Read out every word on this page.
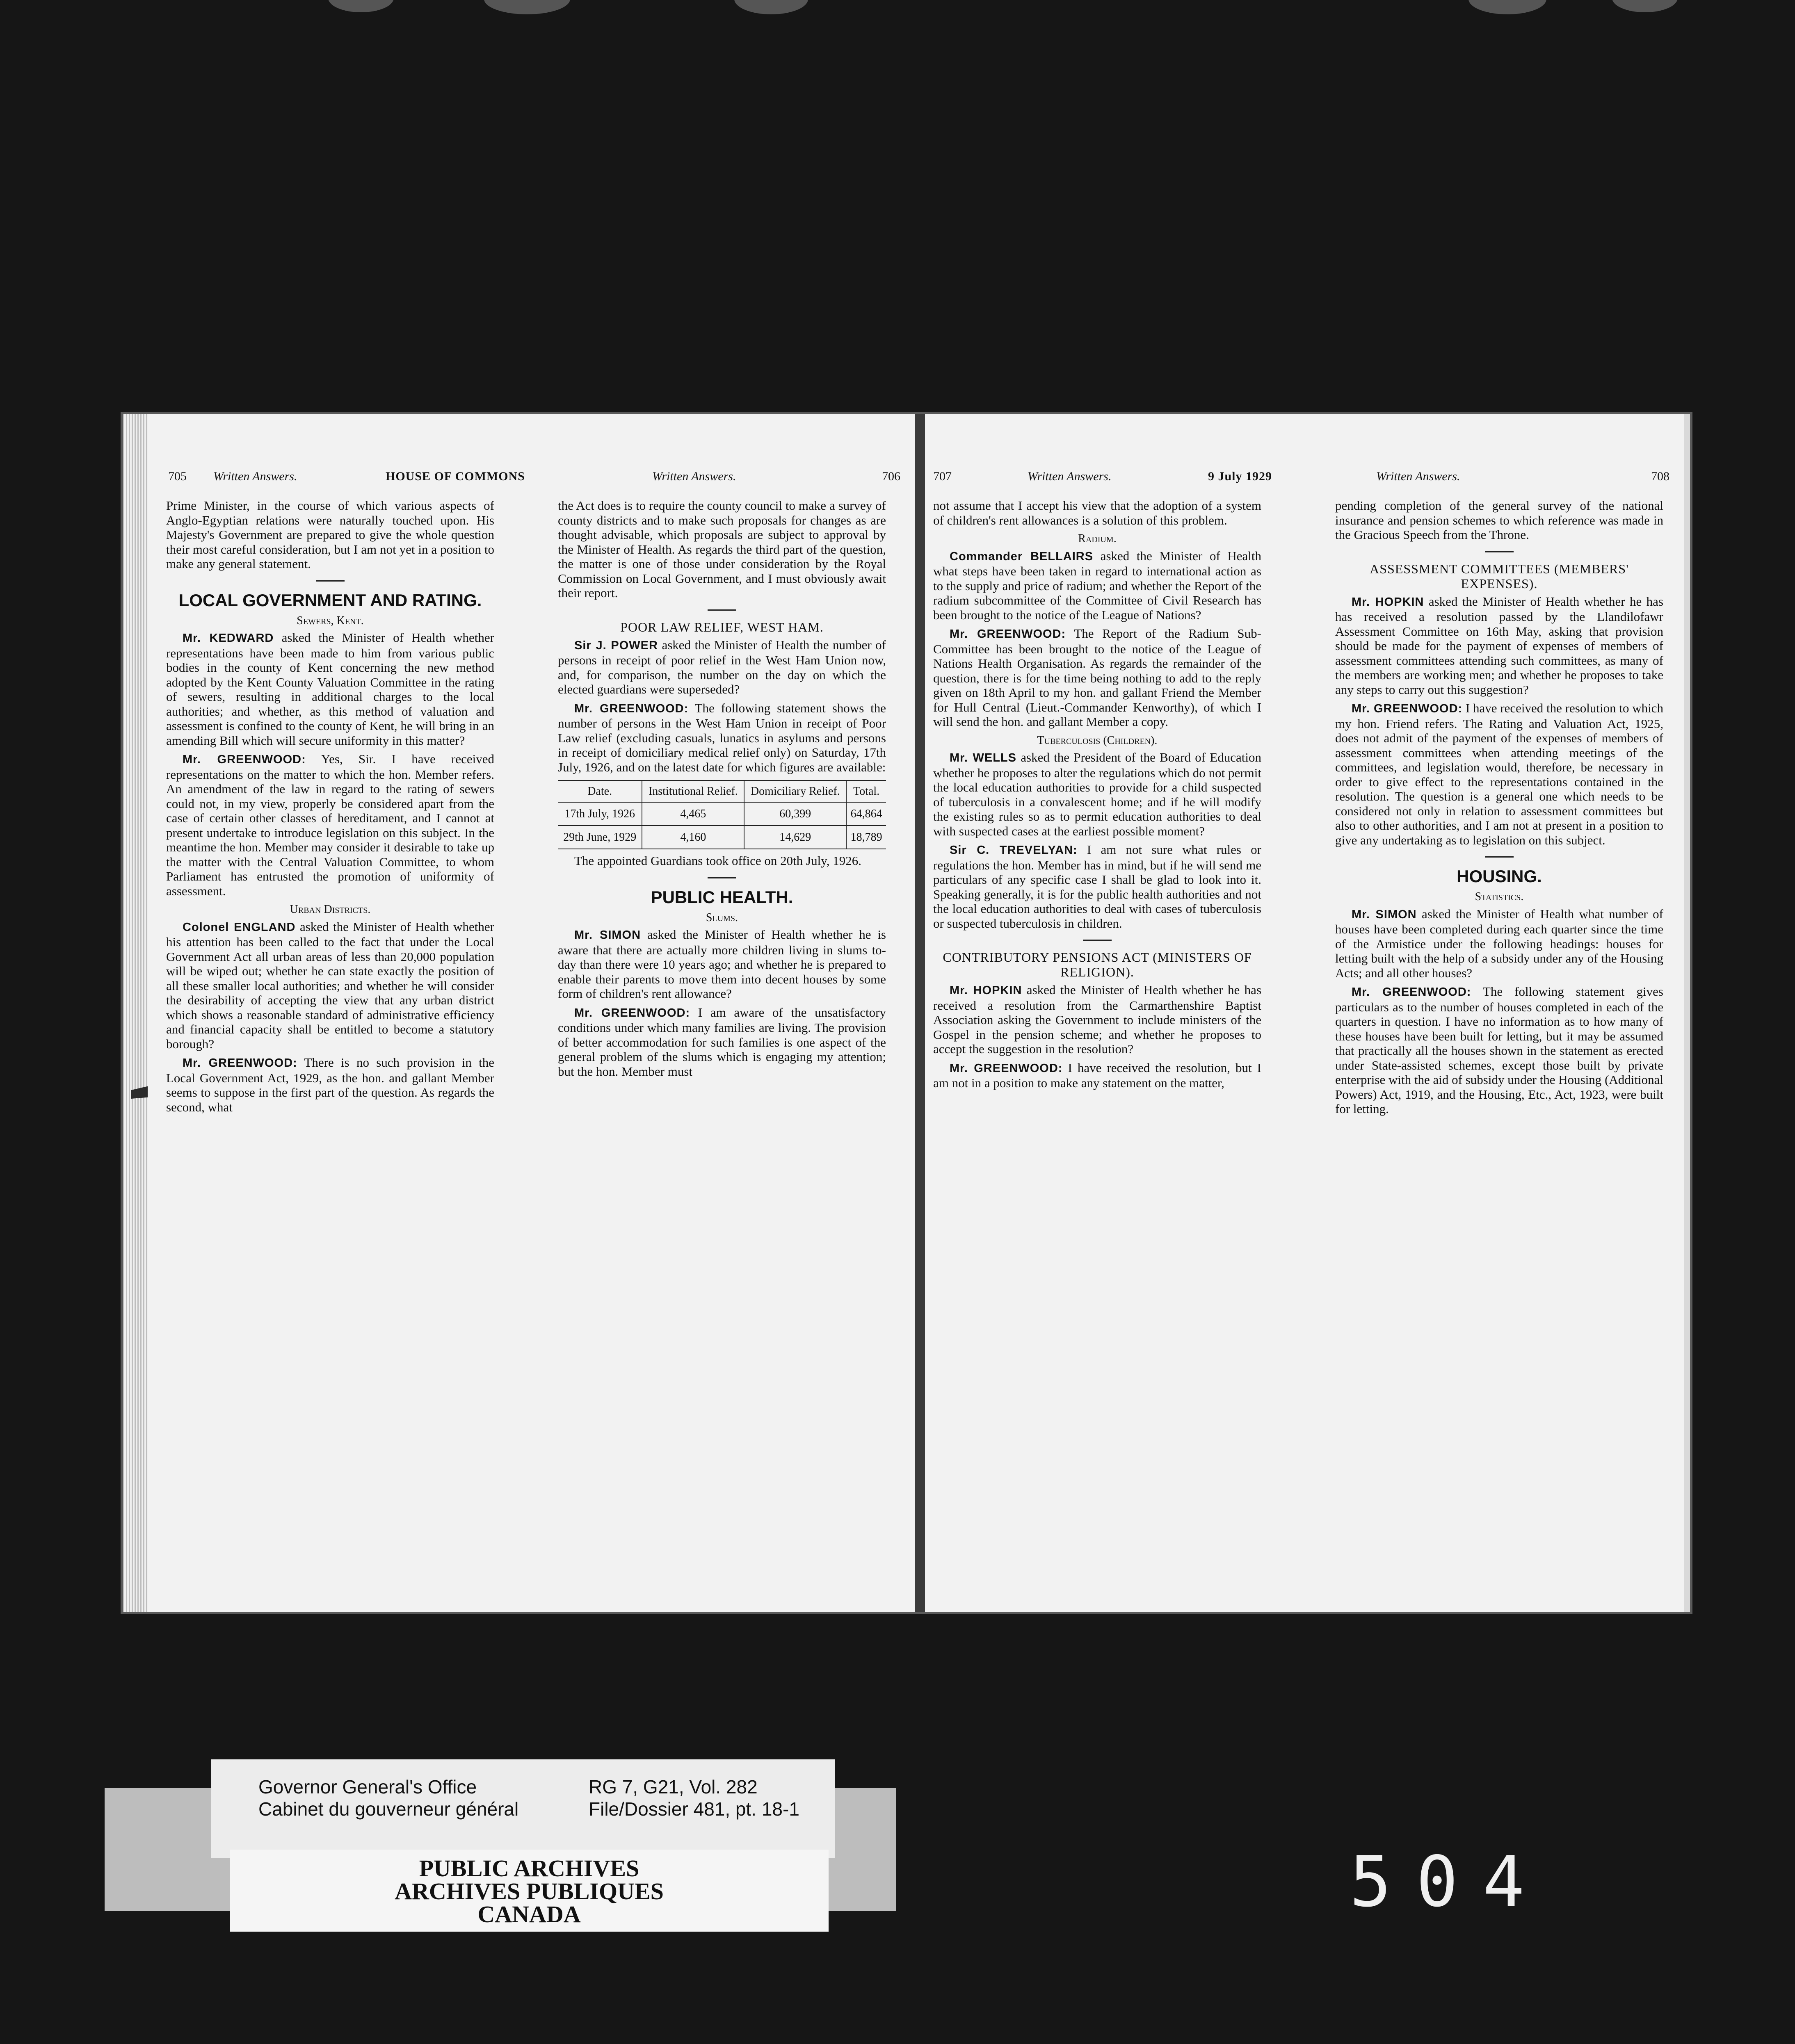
705 Written Answers.	HOUSE OF COMMONS	Written Answers.	706

Prime Minister, in the course of which various aspects of Anglo-Egyptian relations were naturally touched upon. His Majesty's Government are prepared to give the whole question their most careful consideration, but I am not yet in a position to make any general statement.

LOCAL GOVERNMENT AND RATING.
Sewers, Kent.

Mr. KEDWARD asked the Minister of Health whether representations have been made to him from various public bodies in the county of Kent concerning the new method adopted by the Kent County Valuation Committee in the rating of sewers, resulting in additional charges to the local authorities; and whether, as this method of valuation and assessment is confined to the county of Kent, he will bring in an amending Bill which will secure uniformity in this matter?

Mr. GREENWOOD: Yes, Sir. I have received representations on the matter to which the hon. Member refers. An amendment of the law in regard to the rating of sewers could not, in my view, properly be considered apart from the case of certain other classes of hereditament, and I cannot at present undertake to introduce legislation on this subject. In the meantime the hon. Member may consider it desirable to take up the matter with the Central Valuation Committee, to whom Parliament has entrusted the promotion of uniformity of assessment.

Urban Districts.

Colonel ENGLAND asked the Minister of Health whether his attention has been called to the fact that under the Local Government Act all urban areas of less than 20,000 population will be wiped out; whether he can state exactly the position of all these smaller local authorities; and whether he will consider the desirability of accepting the view that any urban district which shows a reasonable standard of administrative efficiency and financial capacity shall be entitled to become a statutory borough?

Mr. GREENWOOD: There is no such provision in the Local Government Act, 1929, as the hon. and gallant Member seems to suppose in the first part of the question. As regards the second, what

the Act does is to require the county council to make a survey of county districts and to make such proposals for changes as are thought advisable, which proposals are subject to approval by the Minister of Health. As regards the third part of the question, the matter is one of those under consideration by the Royal Commission on Local Government, and I must obviously await their report.

POOR LAW RELIEF, WEST HAM.

Sir J. POWER asked the Minister of Health the number of persons in receipt of poor relief in the West Ham Union now, and, for comparison, the number on the day on which the elected guardians were superseded?

Mr. GREENWOOD: The following statement shows the number of persons in the West Ham Union in receipt of Poor Law relief (excluding casuals, lunatics in asylums and persons in receipt of domiciliary medical relief only) on Saturday, 17th July, 1926, and on the latest date for which figures are available:

Date.	Institutional Relief.	Domiciliary Relief.	Total.
17th July, 1926	4,465	60,399	64,864
29th June, 1929	4,160	14,629	18,789

The appointed Guardians took office on 20th July, 1926.

PUBLIC HEALTH.
Slums.

Mr. SIMON asked the Minister of Health whether he is aware that there are actually more children living in slums to-day than there were 10 years ago; and whether he is prepared to enable their parents to move them into decent houses by some form of children's rent allowance?

Mr. GREENWOOD: I am aware of the unsatisfactory conditions under which many families are living. The provision of better accommodation for such families is one aspect of the general problem of the slums which is engaging my attention; but the hon. Member must

707	Written Answers.	9 July 1929	Written Answers.	708

not assume that I accept his view that the adoption of a system of children's rent allowances is a solution of this problem.

Radium.

Commander BELLAIRS asked the Minister of Health what steps have been taken in regard to international action as to the supply and price of radium; and whether the Report of the radium subcommittee of the Committee of Civil Research has been brought to the notice of the League of Nations?

Mr. GREENWOOD: The Report of the Radium Sub-Committee has been brought to the notice of the League of Nations Health Organisation. As regards the remainder of the question, there is for the time being nothing to add to the reply given on 18th April to my hon. and gallant Friend the Member for Hull Central (Lieut.-Commander Kenworthy), of which I will send the hon. and gallant Member a copy.

Tuberculosis (Children).

Mr. WELLS asked the President of the Board of Education whether he proposes to alter the regulations which do not permit the local education authorities to provide for a child suspected of tuberculosis in a convalescent home; and if he will modify the existing rules so as to permit education authorities to deal with suspected cases at the earliest possible moment?

Sir C. TREVELYAN: I am not sure what rules or regulations the hon. Member has in mind, but if he will send me particulars of any specific case I shall be glad to look into it. Speaking generally, it is for the public health authorities and not the local education authorities to deal with cases of tuberculosis or suspected tuberculosis in children.

CONTRIBUTORY PENSIONS ACT (MINISTERS OF RELIGION).

Mr. HOPKIN asked the Minister of Health whether he has received a resolution from the Carmarthenshire Baptist Association asking the Government to include ministers of the Gospel in the pension scheme; and whether he proposes to accept the suggestion in the resolution?

Mr. GREENWOOD: I have received the resolution, but I am not in a position to make any statement on the matter,

pending completion of the general survey of the national insurance and pension schemes to which reference was made in the Gracious Speech from the Throne.

ASSESSMENT COMMITTEES (MEMBERS' EXPENSES).

Mr. HOPKIN asked the Minister of Health whether he has has received a resolution passed by the Llandilofawr Assessment Committee on 16th May, asking that provision should be made for the payment of expenses of members of assessment committees attending such committees, as many of the members are working men; and whether he proposes to take any steps to carry out this suggestion?

Mr. GREENWOOD: I have received the resolution to which my hon. Friend refers. The Rating and Valuation Act, 1925, does not admit of the payment of the expenses of members of assessment committees when attending meetings of the committees, and legislation would, therefore, be necessary in order to give effect to the representations contained in the resolution. The question is a general one which needs to be considered not only in relation to assessment committees but also to other authorities, and I am not at present in a position to give any undertaking as to legislation on this subject.

HOUSING.
Statistics.

Mr. SIMON asked the Minister of Health what number of houses have been completed during each quarter since the time of the Armistice under the following headings: houses for letting built with the help of a subsidy under any of the Housing Acts; and all other houses?

Mr. GREENWOOD: The following statement gives particulars as to the number of houses completed in each of the quarters in question. I have no information as to how many of these houses have been built for letting, but it may be assumed that practically all the houses shown in the statement as erected under State-assisted schemes, except those built by private enterprise with the aid of subsidy under the Housing (Additional Powers) Act, 1919, and the Housing, Etc., Act, 1923, were built for letting.

Governor General's Office
Cabinet du gouverneur général
RG 7, G21, Vol. 282
File/Dossier 481, pt. 18-1
PUBLIC ARCHIVES
ARCHIVES PUBLIQUES
CANADA	504
